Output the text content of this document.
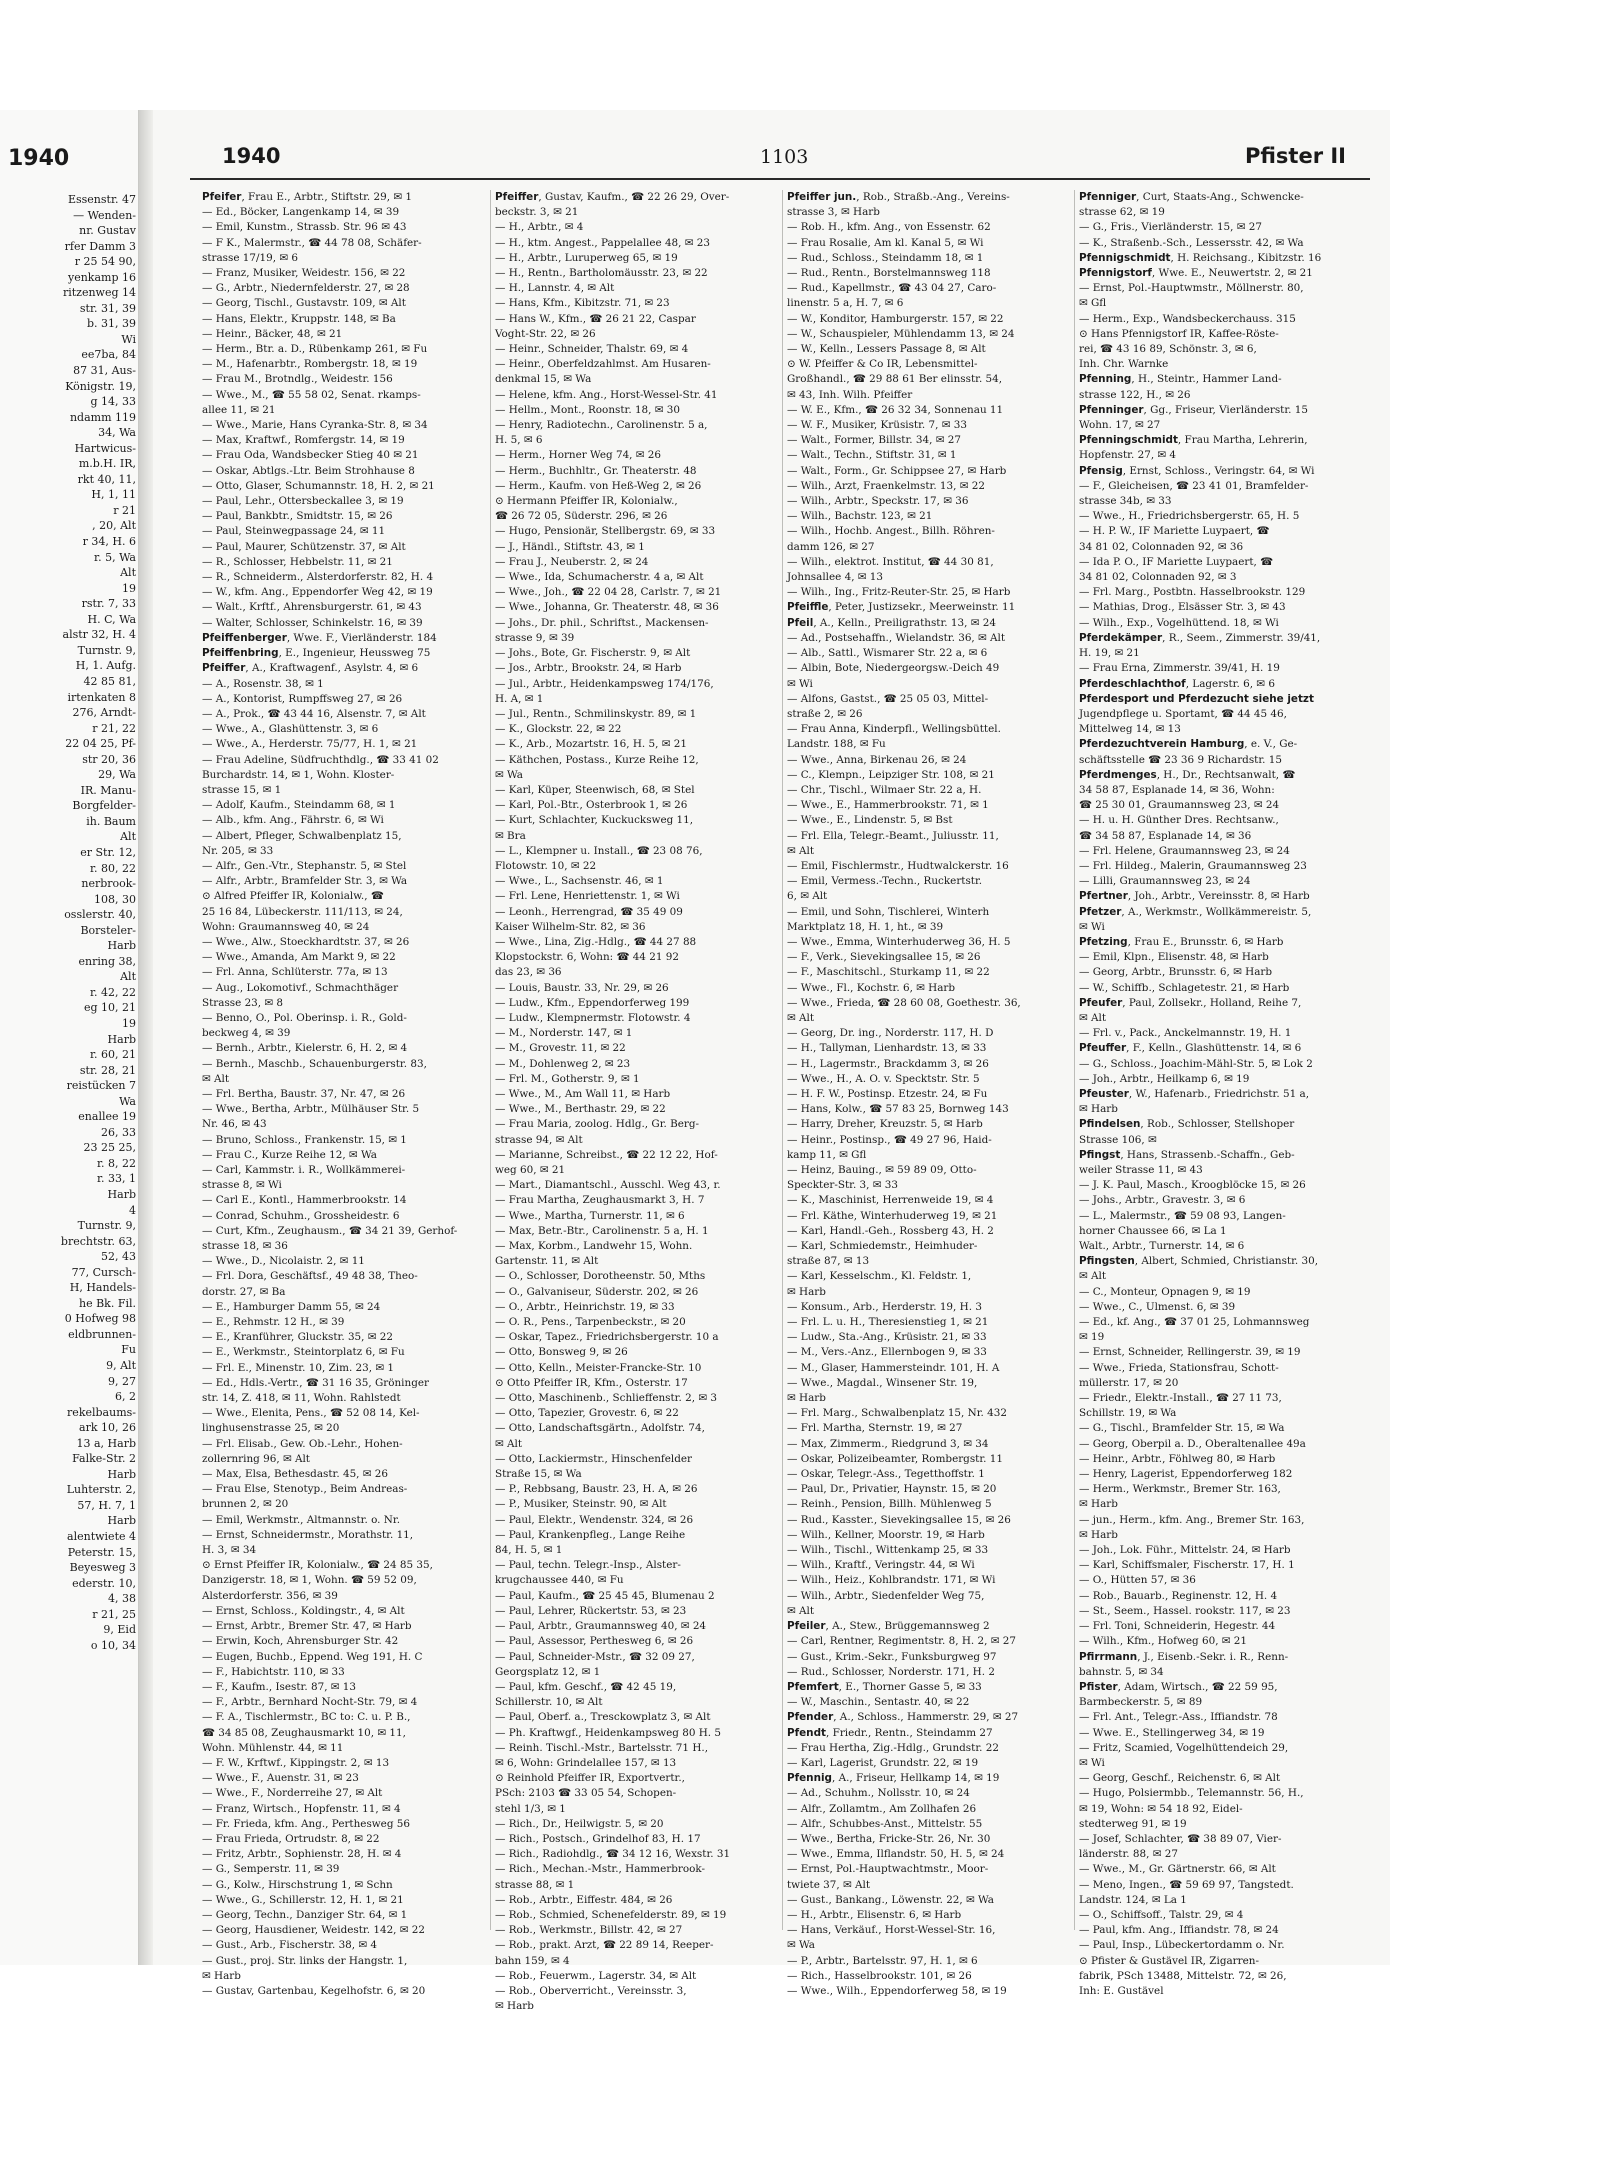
1940
Essenstr. 47
— Wenden-
nr. Gustav
rfer Damm 3
r 25 54 90,
yenkamp 16
ritzenweg 14
str. 31, 39
b. 31, 39
Wi
ee7ba, 84
87 31, Aus-
Königstr. 19,
g 14, 33
ndamm 119
34, Wa
Hartwicus-
m.b.H. IR,
rkt 40, 11,
H, 1, 11
r 21
, 20, Alt
r 34, H. 6
r. 5, Wa
Alt
19
rstr. 7, 33
H. C, Wa
alstr 32, H. 4
Turnstr. 9,
H, 1. Aufg.
42 85 81,
irtenkaten 8
276, Arndt-
r 21, 22
22 04 25, Pf-
str 20, 36
29, Wa
IR. Manu-
Borgfelder-
ih. Baum
Alt
er Str. 12,
r. 80, 22
nerbrook-
108, 30
osslerstr. 40,
Borsteler-
Harb
enring 38,
Alt
r. 42, 22
eg 10, 21
19
Harb
r. 60, 21
str. 28, 21
reistücken 7
Wa
enallee 19
26, 33
23 25 25,
r. 8, 22
r. 33, 1
Harb
4
Turnstr. 9,
brechtstr. 63,
52, 43
77, Cursch-
H, Handels-
he Bk. Fil.
0 Hofweg 98
eldbrunnen-
Fu
9, Alt
9, 27
6, 2
rekelbaums-
ark 10, 26
13 a, Harb
Falke-Str. 2
Harb
Luhterstr. 2,
57, H. 7, 1
Harb
alentwiete 4
Peterstr. 15,
Beyesweg 3
ederstr. 10,
4, 38
r 21, 25
9, Eid
o 10, 34
1940	1103	Pfister II
Pfeifer, Frau E., Arbtr., Stiftstr. 29, ✉ 1
— Ed., Böcker, Langenkamp 14, ✉ 39
— Emil, Kunstm., Strassb. Str. 96 ✉ 43
— F K., Malermstr., ☎ 44 78 08, Schäfer-
strasse 17/19, ✉ 6
— Franz, Musiker, Weidestr. 156, ✉ 22
— G., Arbtr., Niedernfelderstr. 27, ✉ 28
— Georg, Tischl., Gustavstr. 109, ✉ Alt
— Hans, Elektr., Kruppstr. 148, ✉ Ba
— Heinr., Bäcker, 48, ✉ 21
— Herm., Btr. a. D., Rübenkamp 261, ✉ Fu
— M., Hafenarbtr., Rombergstr. 18, ✉ 19
— Frau M., Brotndlg., Weidestr. 156
— Wwe., M., ☎ 55 58 02, Senat. rkamps-
allee 11, ✉ 21
— Wwe., Marie, Hans Cyranka-Str. 8, ✉ 34
— Max, Kraftwf., Romfergstr. 14, ✉ 19
— Frau Oda, Wandsbecker Stieg 40 ✉ 21
— Oskar, Abtlgs.-Ltr. Beim Strohhause 8
— Otto, Glaser, Schumannstr. 18, H. 2, ✉ 21
— Paul, Lehr., Ottersbeckallee 3, ✉ 19
— Paul, Bankbtr., Smidtstr. 15, ✉ 26
— Paul, Steinwegpassage 24, ✉ 11
— Paul, Maurer, Schützenstr. 37, ✉ Alt
— R., Schlosser, Hebbelstr. 11, ✉ 21
— R., Schneiderm., Alsterdorferstr. 82, H. 4
— W., kfm. Ang., Eppendorfer Weg 42, ✉ 19
— Walt., Krftf., Ahrensburgerstr. 61, ✉ 43
— Walter, Schlosser, Schinkelstr. 16, ✉ 39
Pfeiffenberger, Wwe. F., Vierländerstr. 184
Pfeiffenbring, E., Ingenieur, Heussweg 75
Pfeiffer, A., Kraftwagenf., Asylstr. 4, ✉ 6
— A., Rosenstr. 38, ✉ 1
— A., Kontorist, Rumpffsweg 27, ✉ 26
— A., Prok., ☎ 43 44 16, Alsenstr. 7, ✉ Alt
— Wwe., A., Glashüttenstr. 3, ✉ 6
— Wwe., A., Herderstr. 75/77, H. 1, ✉ 21
— Frau Adeline, Südfruchthdlg., ☎ 33 41 02
Burchardstr. 14, ✉ 1, Wohn. Kloster-
strasse 15, ✉ 1
— Adolf, Kaufm., Steindamm 68, ✉ 1
— Alb., kfm. Ang., Fährstr. 6, ✉ Wi
— Albert, Pfleger, Schwalbenplatz 15,
Nr. 205, ✉ 33
— Alfr., Gen.-Vtr., Stephanstr. 5, ✉ Stel
— Alfr., Arbtr., Bramfelder Str. 3, ✉ Wa
⊙ Alfred Pfeiffer IR, Kolonialw., ☎
25 16 84, Lübeckerstr. 111/113, ✉ 24,
Wohn: Graumannsweg 40, ✉ 24
— Wwe., Alw., Stoeckhardtstr. 37, ✉ 26
— Wwe., Amanda, Am Markt 9, ✉ 22
— Frl. Anna, Schlüterstr. 77a, ✉ 13
— Aug., Lokomotivf., Schmachthäger
Strasse 23, ✉ 8
— Benno, O., Pol. Oberinsp. i. R., Gold-
beckweg 4, ✉ 39
— Bernh., Arbtr., Kielerstr. 6, H. 2, ✉ 4
— Bernh., Maschb., Schauenburgerstr. 83,
✉ Alt
— Frl. Bertha, Baustr. 37, Nr. 47, ✉ 26
— Wwe., Bertha, Arbtr., Mülhäuser Str. 5
Nr. 46, ✉ 43
— Bruno, Schloss., Frankenstr. 15, ✉ 1
— Frau C., Kurze Reihe 12, ✉ Wa
— Carl, Kammstr. i. R., Wollkämmerei-
strasse 8, ✉ Wi
— Carl E., Kontl., Hammerbrookstr. 14
— Conrad, Schuhm., Grossheidestr. 6
— Curt, Kfm., Zeughausm., ☎ 34 21 39, Gerhof-
strasse 18, ✉ 36
— Wwe., D., Nicolaistr. 2, ✉ 11
— Frl. Dora, Geschäftsf., 49 48 38, Theo-
dorstr. 27, ✉ Ba
— E., Hamburger Damm 55, ✉ 24
— E., Rehmstr. 12 H., ✉ 39
— E., Kranführer, Gluckstr. 35, ✉ 22
— E., Werkmstr., Steintorplatz 6, ✉ Fu
— Frl. E., Minenstr. 10, Zim. 23, ✉ 1
— Ed., Hdls.-Vertr., ☎ 31 16 35, Gröninger
str. 14, Z. 418, ✉ 11, Wohn. Rahlstedt
— Wwe., Elenita, Pens., ☎ 52 08 14, Kel-
linghusenstrasse 25, ✉ 20
— Frl. Elisab., Gew. Ob.-Lehr., Hohen-
zollernring 96, ✉ Alt
— Max, Elsa, Bethesdastr. 45, ✉ 26
— Frau Else, Stenotyp., Beim Andreas-
brunnen 2, ✉ 20
— Emil, Werkmstr., Altmannstr. o. Nr.
— Ernst, Schneidermstr., Morathstr. 11,
H. 3, ✉ 34
⊙ Ernst Pfeiffer IR, Kolonialw., ☎ 24 85 35,
Danzigerstr. 18, ✉ 1, Wohn. ☎ 59 52 09,
Alsterdorferstr. 356, ✉ 39
— Ernst, Schloss., Koldingstr., 4, ✉ Alt
— Ernst, Arbtr., Bremer Str. 47, ✉ Harb
— Erwin, Koch, Ahrensburger Str. 42
— Eugen, Buchb., Eppend. Weg 191, H. C
— F., Habichtstr. 110, ✉ 33
— F., Kaufm., Isestr. 87, ✉ 13
— F., Arbtr., Bernhard Nocht-Str. 79, ✉ 4
— F. A., Tischlermstr., BC to: C. u. P. B.,
☎ 34 85 08, Zeughausmarkt 10, ✉ 11,
Wohn. Mühlenstr. 44, ✉ 11
— F. W., Krftwf., Kippingstr. 2, ✉ 13
— Wwe., F., Auenstr. 31, ✉ 23
— Wwe., F., Norderreihe 27, ✉ Alt
— Franz, Wirtsch., Hopfenstr. 11, ✉ 4
— Fr. Frieda, kfm. Ang., Perthesweg 56
— Frau Frieda, Ortrudstr. 8, ✉ 22
— Fritz, Arbtr., Sophienstr. 28, H. ✉ 4
— G., Semperstr. 11, ✉ 39
— G., Kolw., Hirschstrung 1, ✉ Schn
— Wwe., G., Schillerstr. 12, H. 1, ✉ 21
— Georg, Techn., Danziger Str. 64, ✉ 1
— Georg, Hausdiener, Weidestr. 142, ✉ 22
— Gust., Arb., Fischerstr. 38, ✉ 4
— Gust., proj. Str. links der Hangstr. 1,
✉ Harb
— Gustav, Gartenbau, Kegelhofstr. 6, ✉ 20
Pfeiffer, Gustav, Kaufm., ☎ 22 26 29, Over-
beckstr. 3, ✉ 21
— H., Arbtr., ✉ 4
— H., ktm. Angest., Pappelallee 48, ✉ 23
— H., Arbtr., Luruperweg 65, ✉ 19
— H., Rentn., Bartholomäusstr. 23, ✉ 22
— H., Lannstr. 4, ✉ Alt
— Hans, Kfm., Kibitzstr. 71, ✉ 23
— Hans W., Kfm., ☎ 26 21 22, Caspar
Voght-Str. 22, ✉ 26
— Heinr., Schneider, Thalstr. 69, ✉ 4
— Heinr., Oberfeldzahlmst. Am Husaren-
denkmal 15, ✉ Wa
— Helene, kfm. Ang., Horst-Wessel-Str. 41
— Hellm., Mont., Roonstr. 18, ✉ 30
— Henry, Radiotechn., Carolinenstr. 5 a,
H. 5, ✉ 6
— Herm., Horner Weg 74, ✉ 26
— Herm., Buchhltr., Gr. Theaterstr. 48
— Herm., Kaufm. von Heß-Weg 2, ✉ 26
⊙ Hermann Pfeiffer IR, Kolonialw.,
☎ 26 72 05, Süderstr. 296, ✉ 26
— Hugo, Pensionär, Stellbergstr. 69, ✉ 33
— J., Händl., Stiftstr. 43, ✉ 1
— Frau J., Neuberstr. 2, ✉ 24
— Wwe., Ida, Schumacherstr. 4 a, ✉ Alt
— Wwe., Joh., ☎ 22 04 28, Carlstr. 7, ✉ 21
— Wwe., Johanna, Gr. Theaterstr. 48, ✉ 36
— Johs., Dr. phil., Schriftst., Mackensen-
strasse 9, ✉ 39
— Johs., Bote, Gr. Fischerstr. 9, ✉ Alt
— Jos., Arbtr., Brookstr. 24, ✉ Harb
— Jul., Arbtr., Heidenkampsweg 174/176,
H. A, ✉ 1
— Jul., Rentn., Schmilinskystr. 89, ✉ 1
— K., Glockstr. 22, ✉ 22
— K., Arb., Mozartstr. 16, H. 5, ✉ 21
— Käthchen, Postass., Kurze Reihe 12,
✉ Wa
— Karl, Küper, Steenwisch, 68, ✉ Stel
— Karl, Pol.-Btr., Osterbrook 1, ✉ 26
— Kurt, Schlachter, Kuckucksweg 11,
✉ Bra
— L., Klempner u. Install., ☎ 23 08 76,
Flotowstr. 10, ✉ 22
— Wwe., L., Sachsenstr. 46, ✉ 1
— Frl. Lene, Henriettenstr. 1, ✉ Wi
— Leonh., Herrengrad, ☎ 35 49 09
Kaiser Wilhelm-Str. 82, ✉ 36
— Wwe., Lina, Zig.-Hdlg., ☎ 44 27 88
Klopstockstr. 6, Wohn: ☎ 44 21 92
das 23, ✉ 36
— Louis, Baustr. 33, Nr. 29, ✉ 26
— Ludw., Kfm., Eppendorferweg 199
— Ludw., Klempnermstr. Flotowstr. 4
— M., Norderstr. 147, ✉ 1
— M., Grovestr. 11, ✉ 22
— M., Dohlenweg 2, ✉ 23
— Frl. M., Gotherstr. 9, ✉ 1
— Wwe., M., Am Wall 11, ✉ Harb
— Wwe., M., Berthastr. 29, ✉ 22
— Frau Maria, zoolog. Hdlg., Gr. Berg-
strasse 94, ✉ Alt
— Marianne, Schreibst., ☎ 22 12 22, Hof-
weg 60, ✉ 21
— Mart., Diamantschl., Ausschl. Weg 43, r.
— Frau Martha, Zeughausmarkt 3, H. 7
— Wwe., Martha, Turnerstr. 11, ✉ 6
— Max, Betr.-Btr., Carolinenstr. 5 a, H. 1
— Max, Korbm., Landwehr 15, Wohn.
Gartenstr. 11, ✉ Alt
— O., Schlosser, Dorotheenstr. 50, Mths
— O., Galvaniseur, Süderstr. 202, ✉ 26
— O., Arbtr., Heinrichstr. 19, ✉ 33
— O. R., Pens., Tarpenbeckstr., ✉ 20
— Oskar, Tapez., Friedrichsbergerstr. 10 a
— Otto, Bonsweg 9, ✉ 26
— Otto, Kelln., Meister-Francke-Str. 10
⊙ Otto Pfeiffer IR, Kfm., Osterstr. 17
— Otto, Maschinenb., Schlieffenstr. 2, ✉ 3
— Otto, Tapezier, Grovestr. 6, ✉ 22
— Otto, Landschaftsgärtn., Adolfstr. 74,
✉ Alt
— Otto, Lackiermstr., Hinschenfelder
Straße 15, ✉ Wa
— P., Rebbsang, Baustr. 23, H. A, ✉ 26
— P., Musiker, Steinstr. 90, ✉ Alt
— Paul, Elektr., Wendenstr. 324, ✉ 26
— Paul, Krankenpfleg., Lange Reihe
84, H. 5, ✉ 1
— Paul, techn. Telegr.-Insp., Alster-
krugchaussee 440, ✉ Fu
— Paul, Kaufm., ☎ 25 45 45, Blumenau 2
— Paul, Lehrer, Rückertstr. 53, ✉ 23
— Paul, Arbtr., Graumannsweg 40, ✉ 24
— Paul, Assessor, Perthesweg 6, ✉ 26
— Paul, Schneider-Mstr., ☎ 32 09 27,
Georgsplatz 12, ✉ 1
— Paul, kfm. Geschf., ☎ 42 45 19,
Schillerstr. 10, ✉ Alt
— Paul, Oberf. a., Tresckowplatz 3, ✉ Alt
— Ph. Kraftwgf., Heidenkampsweg 80 H. 5
— Reinh. Tischl.-Mstr., Bartelsstr. 71 H.,
✉ 6, Wohn: Grindelallee 157, ✉ 13
⊙ Reinhold Pfeiffer IR, Exportvertr.,
PSch: 2103 ☎ 33 05 54, Schopen-
stehl 1/3, ✉ 1
— Rich., Dr., Heilwigstr. 5, ✉ 20
— Rich., Postsch., Grindelhof 83, H. 17
— Rich., Radiohdlg., ☎ 34 12 16, Wexstr. 31
— Rich., Mechan.-Mstr., Hammerbrook-
strasse 88, ✉ 1
— Rob., Arbtr., Eiffestr. 484, ✉ 26
— Rob., Schmied, Schenefelderstr. 89, ✉ 19
— Rob., Werkmstr., Billstr. 42, ✉ 27
— Rob., prakt. Arzt, ☎ 22 89 14, Reeper-
bahn 159, ✉ 4
— Rob., Feuerwm., Lagerstr. 34, ✉ Alt
— Rob., Oberverricht., Vereinsstr. 3,
✉ Harb
Pfeiffer jun., Rob., Straßb.-Ang., Vereins-
strasse 3, ✉ Harb
— Rob. H., kfm. Ang., von Essenstr. 62
— Frau Rosalie, Am kl. Kanal 5, ✉ Wi
— Rud., Schloss., Steindamm 18, ✉ 1
— Rud., Rentn., Borstelmannsweg 118
— Rud., Kapellmstr., ☎ 43 04 27, Caro-
linenstr. 5 a, H. 7, ✉ 6
— W., Konditor, Hamburgerstr. 157, ✉ 22
— W., Schauspieler, Mühlendamm 13, ✉ 24
— W., Kelln., Lessers Passage 8, ✉ Alt
⊙ W. Pfeiffer & Co IR, Lebensmittel-
Großhandl., ☎ 29 88 61 Ber elinsstr. 54,
✉ 43, Inh. Wilh. Pfeiffer
— W. E., Kfm., ☎ 26 32 34, Sonnenau 11
— W. F., Musiker, Krüsistr. 7, ✉ 33
— Walt., Former, Billstr. 34, ✉ 27
— Walt., Techn., Stiftstr. 31, ✉ 1
— Walt., Form., Gr. Schippsee 27, ✉ Harb
— Wilh., Arzt, Fraenkelmstr. 13, ✉ 22
— Wilh., Arbtr., Speckstr. 17, ✉ 36
— Wilh., Bachstr. 123, ✉ 21
— Wilh., Hochb. Angest., Billh. Röhren-
damm 126, ✉ 27
— Wilh., elektrot. Institut, ☎ 44 30 81,
Johnsallee 4, ✉ 13
— Wilh., Ing., Fritz-Reuter-Str. 25, ✉ Harb
Pfeiffle, Peter, Justizsekr., Meerweinstr. 11
Pfeil, A., Kelln., Preiligrathstr. 13, ✉ 24
— Ad., Postsehaffn., Wielandstr. 36, ✉ Alt
— Alb., Sattl., Wismarer Str. 22 a, ✉ 6
— Albin, Bote, Niedergeorgsw.-Deich 49
✉ Wi
— Alfons, Gastst., ☎ 25 05 03, Mittel-
straße 2, ✉ 26
— Frau Anna, Kinderpfl., Wellingsbüttel.
Landstr. 188, ✉ Fu
— Wwe., Anna, Birkenau 26, ✉ 24
— C., Klempn., Leipziger Str. 108, ✉ 21
— Chr., Tischl., Wilmaer Str. 22 a, H.
— Wwe., E., Hammerbrookstr. 71, ✉ 1
— Wwe., E., Lindenstr. 5, ✉ Bst
— Frl. Ella, Telegr.-Beamt., Juliusstr. 11,
✉ Alt
— Emil, Fischlermstr., Hudtwalckerstr. 16
— Emil, Vermess.-Techn., Ruckertstr.
6, ✉ Alt
— Emil, und Sohn, Tischlerei, Winterh
Marktplatz 18, H. 1, ht., ✉ 39
— Wwe., Emma, Winterhuderweg 36, H. 5
— F., Verk., Sievekingsallee 15, ✉ 26
— F., Maschitschl., Sturkamp 11, ✉ 22
— Wwe., Fl., Kochstr. 6, ✉ Harb
— Wwe., Frieda, ☎ 28 60 08, Goethestr. 36,
✉ Alt
— Georg, Dr. ing., Norderstr. 117, H. D
— H., Tallyman, Lienhardstr. 13, ✉ 33
— H., Lagermstr., Brackdamm 3, ✉ 26
— Wwe., H., A. O. v. Specktstr. Str. 5
— H. F. W., Postinsp. Etzestr. 24, ✉ Fu
— Hans, Kolw., ☎ 57 83 25, Bornweg 143
— Harry, Dreher, Kreuzstr. 5, ✉ Harb
— Heinr., Postinsp., ☎ 49 27 96, Haid-
kamp 11, ✉ Gfl
— Heinz, Bauing., ✉ 59 89 09, Otto-
Speckter-Str. 3, ✉ 33
— K., Maschinist, Herrenweide 19, ✉ 4
— Frl. Käthe, Winterhuderweg 19, ✉ 21
— Karl, Handl.-Geh., Rossberg 43, H. 2
— Karl, Schmiedemstr., Heimhuder-
straße 87, ✉ 13
— Karl, Kesselschm., Kl. Feldstr. 1,
✉ Harb
— Konsum., Arb., Herderstr. 19, H. 3
— Frl. L. u. H., Theresienstieg 1, ✉ 21
— Ludw., Sta.-Ang., Krüsistr. 21, ✉ 33
— M., Vers.-Anz., Ellernbogen 9, ✉ 33
— M., Glaser, Hammersteindr. 101, H. A
— Wwe., Magdal., Winsener Str. 19,
✉ Harb
— Frl. Marg., Schwalbenplatz 15, Nr. 432
— Frl. Martha, Sternstr. 19, ✉ 27
— Max, Zimmerm., Riedgrund 3, ✉ 34
— Oskar, Polizeibeamter, Rombergstr. 11
— Oskar, Telegr.-Ass., Tegetthoffstr. 1
— Paul, Dr., Privatier, Haynstr. 15, ✉ 20
— Reinh., Pension, Billh. Mühlenweg 5
— Rud., Kasster., Sievekingsallee 15, ✉ 26
— Wilh., Kellner, Moorstr. 19, ✉ Harb
— Wilh., Tischl., Wittenkamp 25, ✉ 33
— Wilh., Kraftf., Veringstr. 44, ✉ Wi
— Wilh., Heiz., Kohlbrandstr. 171, ✉ Wi
— Wilh., Arbtr., Siedenfelder Weg 75,
✉ Alt
Pfeiler, A., Stew., Brüggemannsweg 2
— Carl, Rentner, Regimentstr. 8, H. 2, ✉ 27
— Gust., Krim.-Sekr., Funksburgweg 97
— Rud., Schlosser, Norderstr. 171, H. 2
Pfemfert, E., Thorner Gasse 5, ✉ 33
— W., Maschin., Sentastr. 40, ✉ 22
Pfender, A., Schloss., Hammerstr. 29, ✉ 27
Pfendt, Friedr., Rentn., Steindamm 27
— Frau Hertha, Zig.-Hdlg., Grundstr. 22
— Karl, Lagerist, Grundstr. 22, ✉ 19
Pfennig, A., Friseur, Hellkamp 14, ✉ 19
— Ad., Schuhm., Nollsstr. 10, ✉ 24
— Alfr., Zollamtm., Am Zollhafen 26
— Alfr., Schubbes-Anst., Mittelstr. 55
— Wwe., Bertha, Fricke-Str. 26, Nr. 30
— Wwe., Emma, Ilflandstr. 50, H. 5, ✉ 24
— Ernst, Pol.-Hauptwachtmstr., Moor-
twiete 37, ✉ Alt
— Gust., Bankang., Löwenstr. 22, ✉ Wa
— H., Arbtr., Elisenstr. 6, ✉ Harb
— Hans, Verkäuf., Horst-Wessel-Str. 16,
✉ Wa
— P., Arbtr., Bartelsstr. 97, H. 1, ✉ 6
— Rich., Hasselbrookstr. 101, ✉ 26
— Wwe., Wilh., Eppendorferweg 58, ✉ 19
Pfenniger, Curt, Staats-Ang., Schwencke-
strasse 62, ✉ 19
— G., Fris., Vierländerstr. 15, ✉ 27
— K., Straßenb.-Sch., Lessersstr. 42, ✉ Wa
Pfennigschmidt, H. Reichsang., Kibitzstr. 16
Pfennigstorf, Wwe. E., Neuwertstr. 2, ✉ 21
— Ernst, Pol.-Hauptwmstr., Möllnerstr. 80,
✉ Gfl
— Herm., Exp., Wandsbeckerchauss. 315
⊙ Hans Pfennigstorf IR, Kaffee-Röste-
rei, ☎ 43 16 89, Schönstr. 3, ✉ 6,
Inh. Chr. Warnke
Pfenning, H., Steintr., Hammer Land-
strasse 122, H., ✉ 26
Pfenninger, Gg., Friseur, Vierländerstr. 15
Wohn. 17, ✉ 27
Pfenningschmidt, Frau Martha, Lehrerin,
Hopfenstr. 27, ✉ 4
Pfensig, Ernst, Schloss., Veringstr. 64, ✉ Wi
— F., Gleicheisen, ☎ 23 41 01, Bramfelder-
strasse 34b, ✉ 33
— Wwe., H., Friedrichsbergerstr. 65, H. 5
— H. P. W., IF Mariette Luypaert, ☎
34 81 02, Colonnaden 92, ✉ 36
— Ida P. O., IF Mariette Luypaert, ☎
34 81 02, Colonnaden 92, ✉ 3
— Frl. Marg., Postbtn. Hasselbrookstr. 129
— Mathias, Drog., Elsässer Str. 3, ✉ 43
— Wilh., Exp., Vogelhüttend. 18, ✉ Wi
Pferdekämper, R., Seem., Zimmerstr. 39/41,
H. 19, ✉ 21
— Frau Erna, Zimmerstr. 39/41, H. 19
Pferdeschlachthof, Lagerstr. 6, ✉ 6
Pferdesport und Pferdezucht siehe jetzt
Jugendpflege u. Sportamt, ☎ 44 45 46,
Mittelweg 14, ✉ 13
Pferdezuchtverein Hamburg, e. V., Ge-
schäftsstelle ☎ 23 36 9 Richardstr. 15
Pferdmenges, H., Dr., Rechtsanwalt, ☎
34 58 87, Esplanade 14, ✉ 36, Wohn:
☎ 25 30 01, Graumannsweg 23, ✉ 24
— H. u. H. Günther Dres. Rechtsanw.,
☎ 34 58 87, Esplanade 14, ✉ 36
— Frl. Helene, Graumannsweg 23, ✉ 24
— Frl. Hildeg., Malerin, Graumannsweg 23
— Lilli, Graumannsweg 23, ✉ 24
Pfertner, Joh., Arbtr., Vereinsstr. 8, ✉ Harb
Pfetzer, A., Werkmstr., Wollkämmereistr. 5,
✉ Wi
Pfetzing, Frau E., Brunsstr. 6, ✉ Harb
— Emil, Klpn., Elisenstr. 48, ✉ Harb
— Georg, Arbtr., Brunsstr. 6, ✉ Harb
— W., Schiffb., Schlagetestr. 21, ✉ Harb
Pfeufer, Paul, Zollsekr., Holland, Reihe 7,
✉ Alt
— Frl. v., Pack., Anckelmannstr. 19, H. 1
Pfeuffer, F., Kelln., Glashüttenstr. 14, ✉ 6
— G., Schloss., Joachim-Mähl-Str. 5, ✉ Lok 2
— Joh., Arbtr., Heilkamp 6, ✉ 19
Pfeuster, W., Hafenarb., Friedrichstr. 51 a,
✉ Harb
Pfindelsen, Rob., Schlosser, Stellshoper
Strasse 106, ✉
Pfingst, Hans, Strassenb.-Schaffn., Geb-
weiler Strasse 11, ✉ 43
— J. K. Paul, Masch., Kroogblöcke 15, ✉ 26
— Johs., Arbtr., Gravestr. 3, ✉ 6
— L., Malermstr., ☎ 59 08 93, Langen-
horner Chaussee 66, ✉ La 1
Walt., Arbtr., Turnerstr. 14, ✉ 6
Pfingsten, Albert, Schmied, Christianstr. 30,
✉ Alt
— C., Monteur, Opnagen 9, ✉ 19
— Wwe., C., Ulmenst. 6, ✉ 39
— Ed., kf. Ang., ☎ 37 01 25, Lohmannsweg
✉ 19
— Ernst, Schneider, Rellingerstr. 39, ✉ 19
— Wwe., Frieda, Stationsfrau, Schott-
müllerstr. 17, ✉ 20
— Friedr., Elektr.-Install., ☎ 27 11 73,
Schillstr. 19, ✉ Wa
— G., Tischl., Bramfelder Str. 15, ✉ Wa
— Georg, Oberpil a. D., Oberaltenallee 49a
— Heinr., Arbtr., Föhlweg 80, ✉ Harb
— Henry, Lagerist, Eppendorferweg 182
— Herm., Werkmstr., Bremer Str. 163,
✉ Harb
— jun., Herm., kfm. Ang., Bremer Str. 163,
✉ Harb
— Joh., Lok. Führ., Mittelstr. 24, ✉ Harb
— Karl, Schiffsmaler, Fischerstr. 17, H. 1
— O., Hütten 57, ✉ 36
— Rob., Bauarb., Reginenstr. 12, H. 4
— St., Seem., Hassel. rookstr. 117, ✉ 23
— Frl. Toni, Schneiderin, Hegestr. 44
— Wilh., Kfm., Hofweg 60, ✉ 21
Pfirrmann, J., Eisenb.-Sekr. i. R., Renn-
bahnstr. 5, ✉ 34
Pfister, Adam, Wirtsch., ☎ 22 59 95,
Barmbeckerstr. 5, ✉ 89
— Frl. Ant., Telegr.-Ass., Iffiandstr. 78
— Wwe. E., Stellingerweg 34, ✉ 19
— Fritz, Scamied, Vogelhüttendeich 29,
✉ Wi
— Georg, Geschf., Reichenstr. 6, ✉ Alt
— Hugo, Polsiermbb., Telemannstr. 56, H.,
✉ 19, Wohn: ✉ 54 18 92, Eidel-
stedterweg 91, ✉ 19
— Josef, Schlachter, ☎ 38 89 07, Vier-
länderstr. 88, ✉ 27
— Wwe., M., Gr. Gärtnerstr. 66, ✉ Alt
— Meno, Ingen., ☎ 59 69 97, Tangstedt.
Landstr. 124, ✉ La 1
— O., Schiffsoff., Talstr. 29, ✉ 4
— Paul, kfm. Ang., Iffiandstr. 78, ✉ 24
— Paul, Insp., Lübeckertordamm o. Nr.
⊙ Pfister & Gustävel IR, Zigarren-
fabrik, PSch 13488, Mittelstr. 72, ✉ 26,
Inh: E. Gustävel
